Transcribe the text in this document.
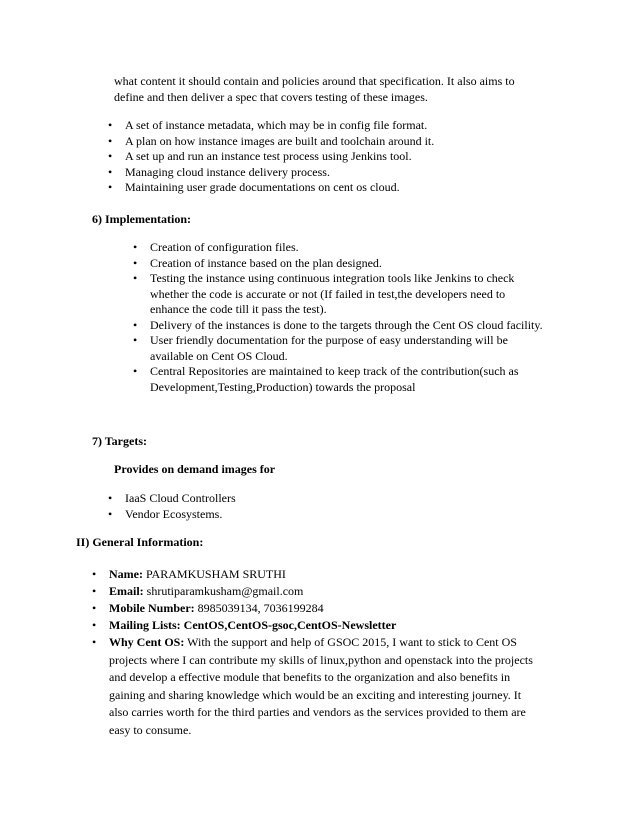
what content it should contain and policies around that specification. It also aims to
define and then deliver a spec that covers testing of these images.
• A set of instance metadata, which may be in config file format.
• A plan on how instance images are built and toolchain around it.
• A set up and run an instance test process using Jenkins tool.
• Managing cloud instance delivery process.
• Maintaining user grade documentations on cent os cloud.
6) Implementation:
• Creation of configuration files.
• Creation of instance based on the plan designed.
• Testing the instance using continuous integration tools like Jenkins to check
whether the code is accurate or not (If failed in test,the developers need to
enhance the code till it pass the test).
• Delivery of the instances is done to the targets through the Cent OS cloud facility.
• User friendly documentation for the purpose of easy understanding will be
available on Cent OS Cloud.
• Central Repositories are maintained to keep track of the contribution(such as
Development,Testing,Production) towards the proposal
7) Targets:
Provides on demand images for
• IaaS Cloud Controllers
• Vendor Ecosystems.
II) General Information:
• Name: PARAMKUSHAM SRUTHI
• Email: shrutiparamkusham@gmail.com
• Mobile Number: 8985039134, 7036199284
• Mailing Lists: CentOS,CentOS-gsoc,CentOS-Newsletter
• Why Cent OS: With the support and help of GSOC 2015, I want to stick to Cent OS
projects where I can contribute my skills of linux,python and openstack into the projects
and develop a effective module that benefits to the organization and also benefits in
gaining and sharing knowledge which would be an exciting and interesting journey. It
also carries worth for the third parties and vendors as the services provided to them are
easy to consume.
